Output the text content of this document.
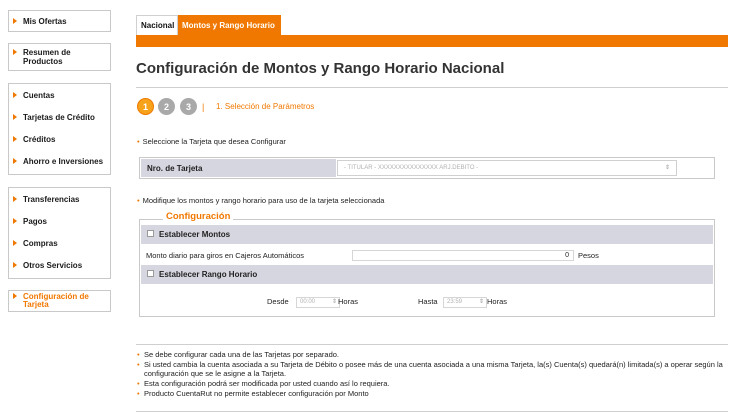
Mis Ofertas
Resumen de Productos
Cuentas
Tarjetas de Crédito
Créditos
Ahorro e Inversiones
Transferencias
Pagos
Compras
Otros Servicios
Configuración de Tarjeta
Nacional Montos y Rango Horario
Configuración de Montos y Rango Horario Nacional
1	2	3	| 1. Selección de Parámetros
• Seleccione la Tarjeta que desea Configurar
Nro. de Tarjeta	- TITULAR - XXXXXXXXXXXXXXX ARJ.DEBITO -	⇕
• Modifique los montos y rango horario para uso de la tarjeta seleccionada
Establecer Montos
Monto diario para giros en Cajeros Automáticos	0	Pesos
Establecer Rango Horario
Desde	00:00	⇕ Horas	Hasta	23:59	⇕ Horas
Configuración
• Se debe configurar cada una de las Tarjetas por separado.
• Si usted cambia la cuenta asociada a su Tarjeta de Débito o posee más de una cuenta asociada a una misma Tarjeta, la(s) Cuenta(s) quedará(n) limitada(s) a operar según la configuración que se le asigne a la Tarjeta.
• Esta configuración podrá ser modificada por usted cuando así lo requiera.
• Producto CuentaRut no permite establecer configuración por Monto
